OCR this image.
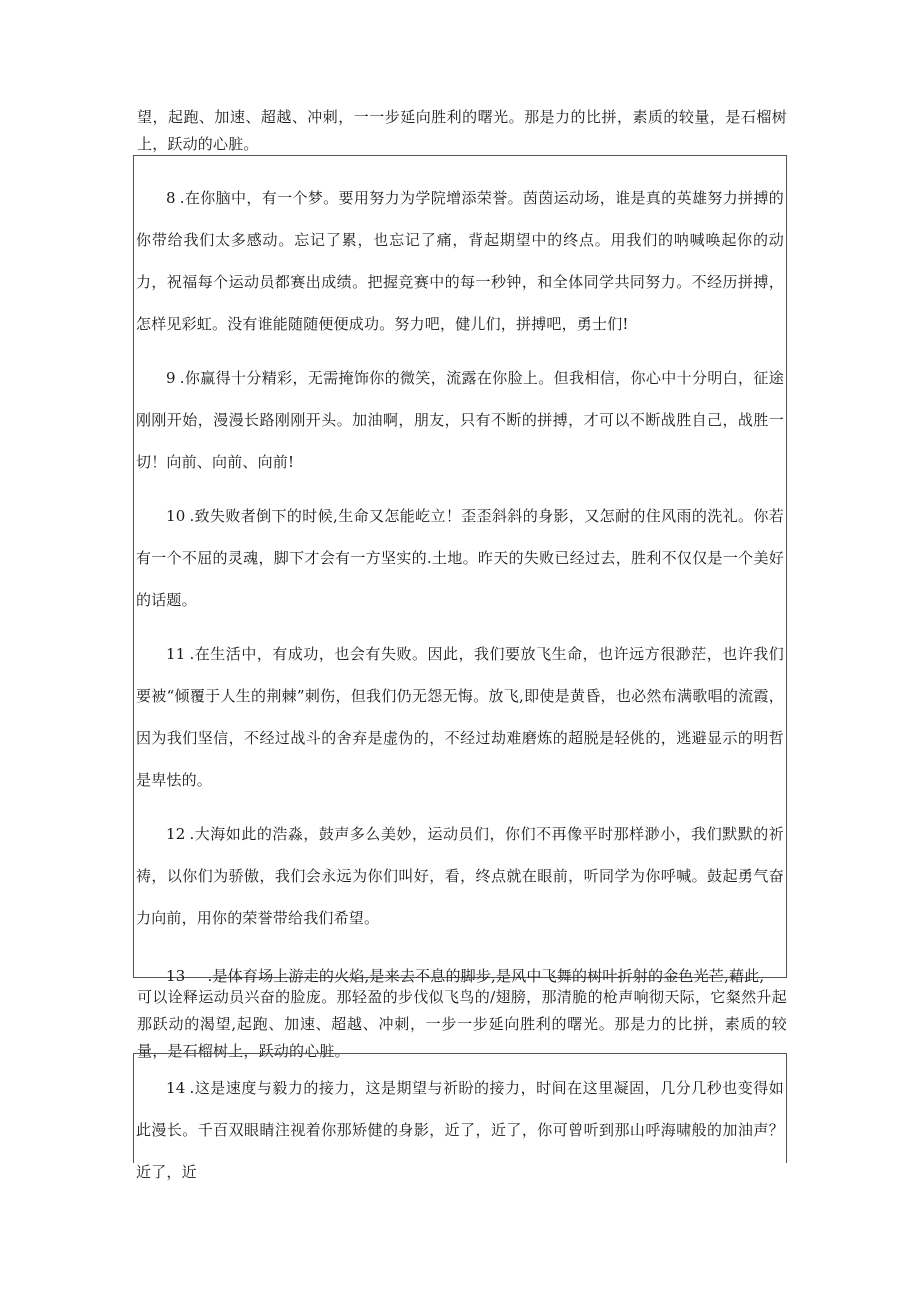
望，起跑、加速、超越、冲刺，一一步延向胜利的曙光。那是力的比拼，素质的较量，是石榴树上，跃动的心脏。

8 .在你脑中，有一个梦。要用努力为学院增添荣誉。茵茵运动场，谁是真的英雄努力拼搏的你带给我们太多感动。忘记了累，也忘记了痛，背起期望中的终点。用我们的呐喊唤起你的动力，祝福每个运动员都赛出成绩。把握竞赛中的每一秒钟，和全体同学共同努力。不经历拼搏，怎样见彩虹。没有谁能随随便便成功。努力吧，健儿们，拼搏吧，勇士们!

9 .你赢得十分精彩，无需掩饰你的微笑，流露在你脸上。但我相信，你心中十分明白，征途刚刚开始，漫漫长路刚刚开头。加油啊，朋友，只有不断的拼搏，才可以不断战胜自己，战胜一切！向前、向前、向前!

10 .致失败者倒下的时候,生命又怎能屹立！歪歪斜斜的身影，又怎耐的住风雨的洗礼。你若有一个不屈的灵魂，脚下才会有一方坚实的.土地。昨天的失败已经过去，胜利不仅仅是一个美好的话题。

11 .在生活中，有成功，也会有失败。因此，我们要放飞生命，也许远方很渺茫，也许我们要被“倾覆于人生的荆棘”刺伤，但我们仍无怨无悔。放飞,即使是黄昏，也必然布满歌唱的流霞，因为我们坚信，不经过战斗的舍弃是虚伪的，不经过劫难磨炼的超脱是轻佻的，逃避显示的明哲是卑怯的。

12 .大海如此的浩淼，鼓声多么美妙，运动员们，你们不再像平时那样渺小，我们默默的祈祷，以你们为骄傲，我们会永远为你们叫好，看，终点就在眼前，听同学为你呼喊。鼓起勇气奋力向前，用你的荣誉带给我们希望。

13 .是体育场上游走的火焰,是来去不息的脚步,是风中飞舞的树叶折射的金色光芒,藉此,

可以诠释运动员兴奋的脸庞。那轻盈的步伐似飞鸟的/翅膀，那清脆的枪声响彻天际，它粲然升起那跃动的渴望,起跑、加速、超越、冲刺，一步一步延向胜利的曙光。那是力的比拼，素质的较量，是石榴树上，跃动的心脏。

14 .这是速度与毅力的接力，这是期望与祈盼的接力，时间在这里凝固，几分几秒也变得如此漫长。千百双眼睛注视着你那矫健的身影，近了，近了，你可曾听到那山呼海啸般的加油声？近了，近
